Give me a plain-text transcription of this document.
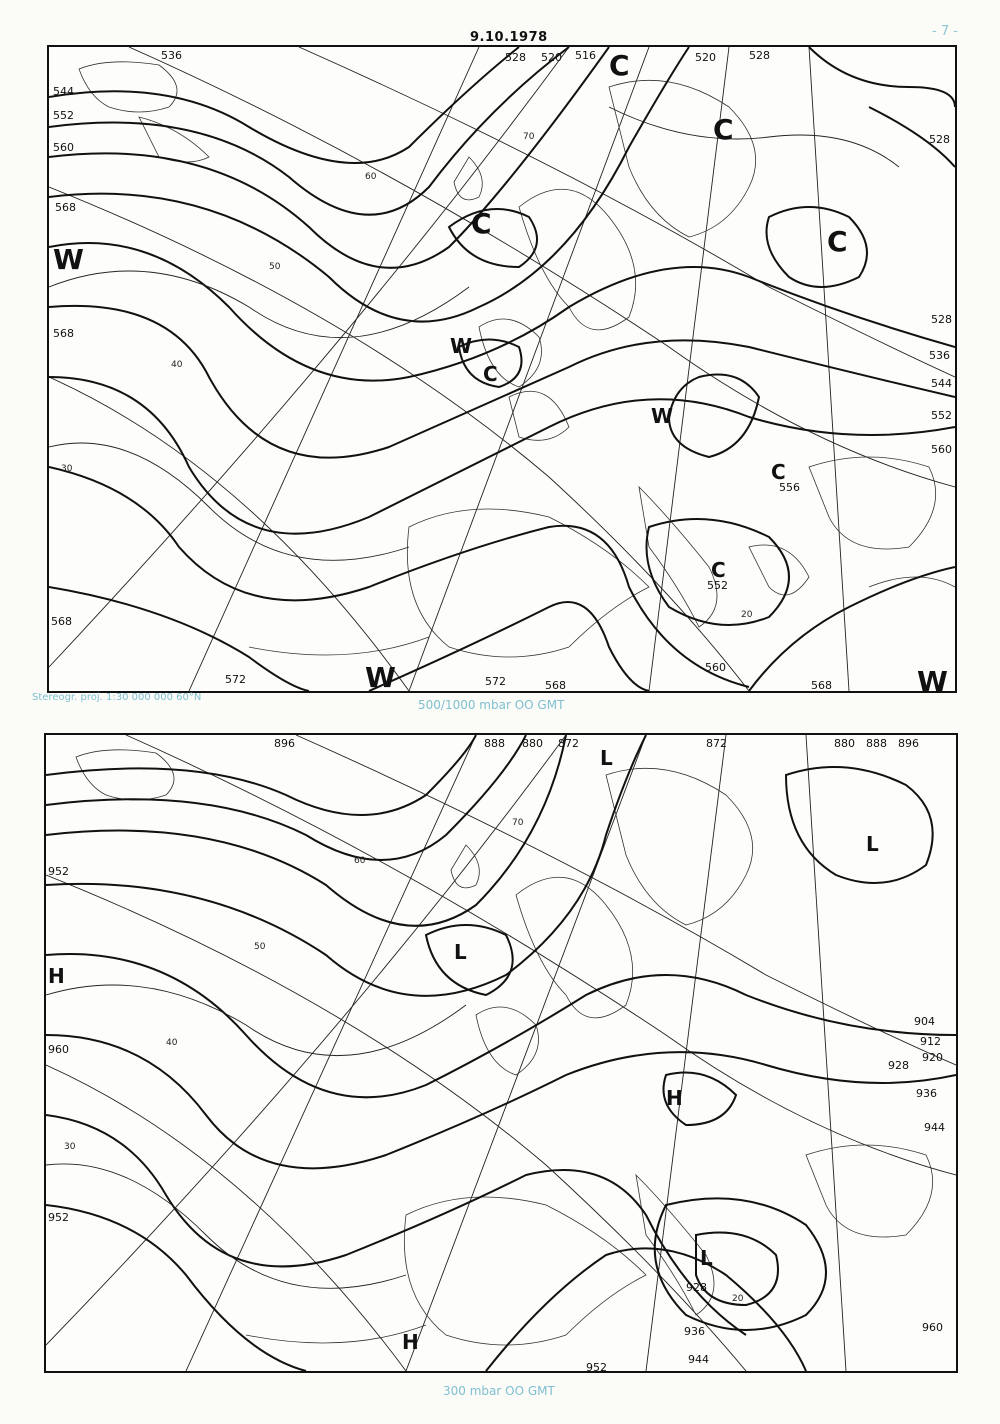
9.10.1978	- 7 -
W
C
C
C
C
W
C
W
C
C
W	W
536	528 520 516	528
520
528
544
552
560
568
568
568
572	572	568
560
568
556
552
536
544
552
560
528
20
30
40
50
60
70
Stereogr. proj. 1:30 000 000 60°N
500/1000 mbar OO GMT
H
L
L
L
H
L
H
896	888 880 872	872	880 888 896
904
912
920
928
936
944
952
960
952
952
944
936
928
960
20
30
40
50
60
70
300 mbar OO GMT
